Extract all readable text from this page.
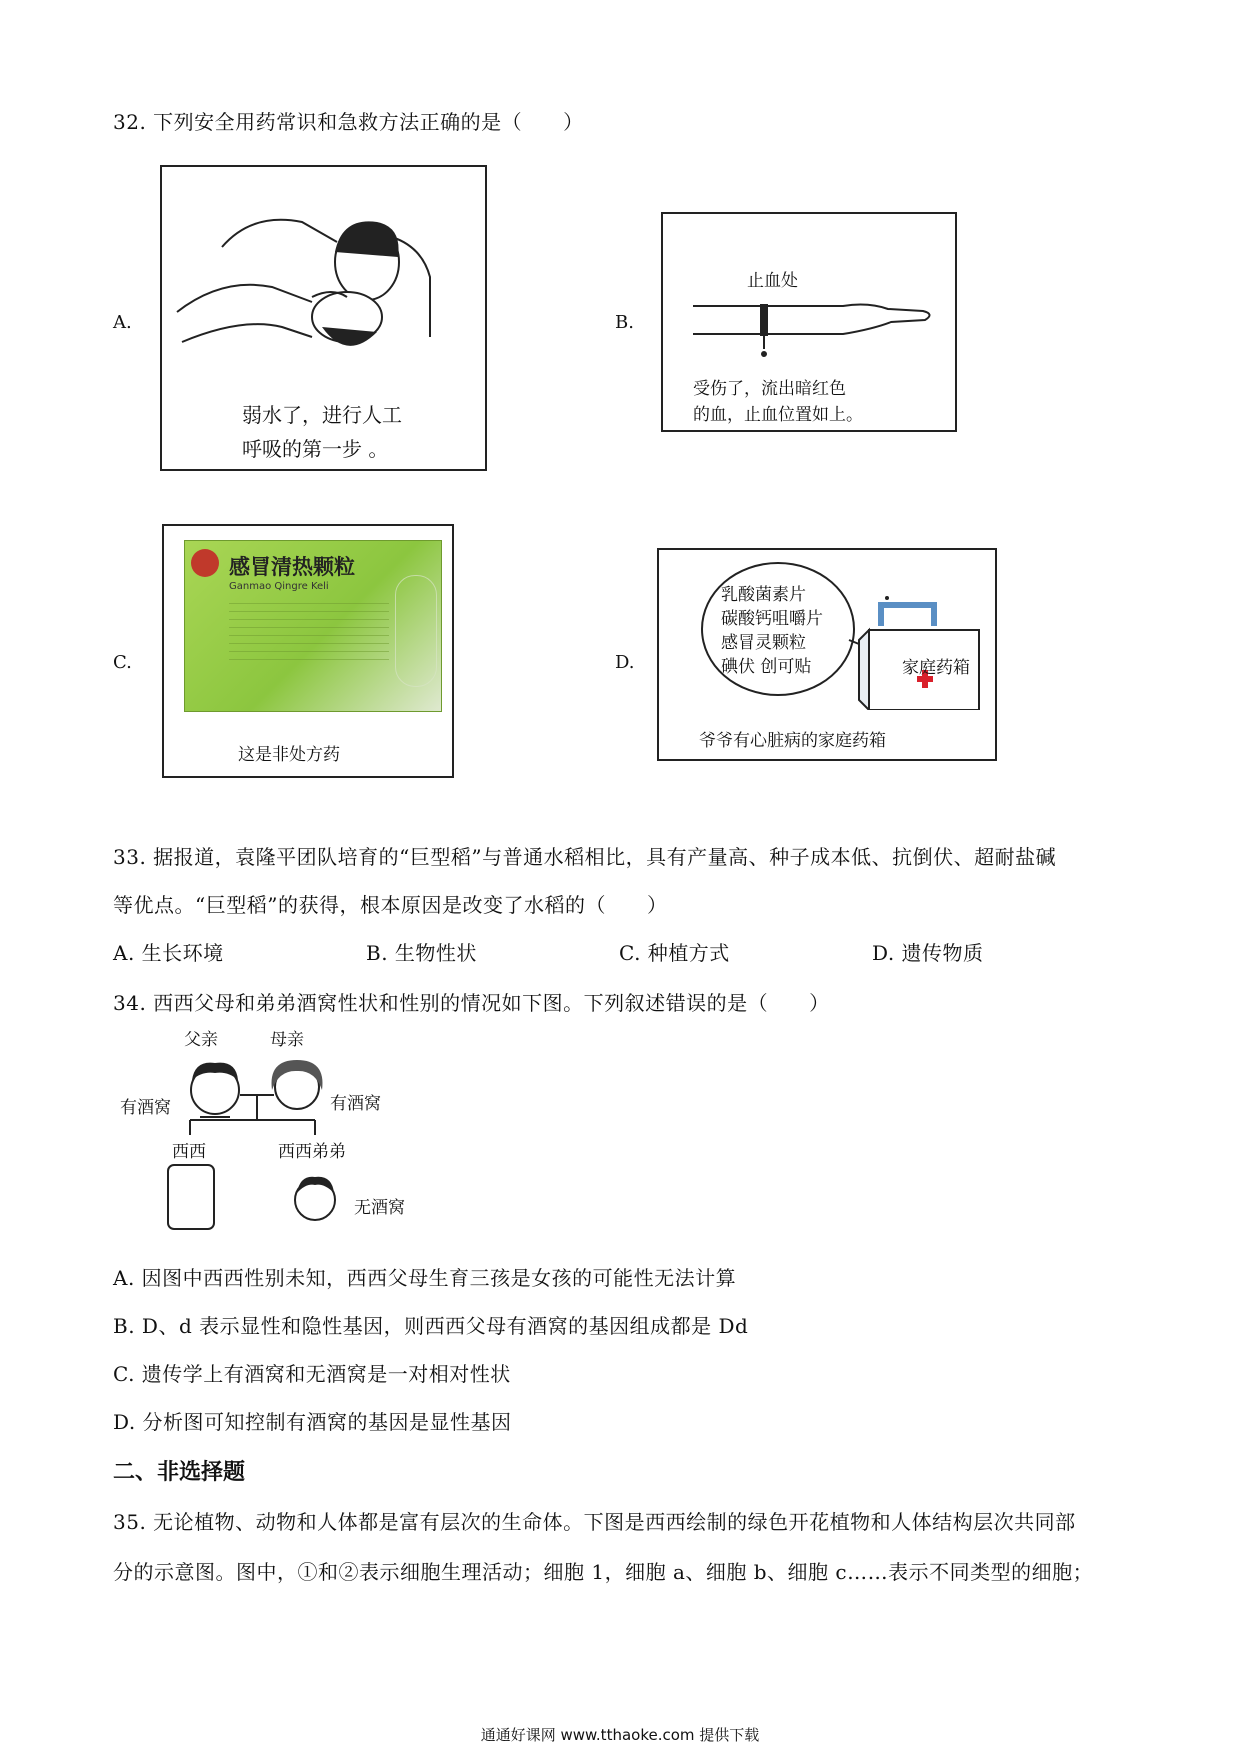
32. 下列安全用药常识和急救方法正确的是（　　）
A.
弱水了，进行人工
呼吸的第一步 。
B.
止血处
受伤了，流出暗红色
的血，止血位置如上。
C.
感冒清热颗粒
Ganmao Qingre Keli
这是非处方药
D.
乳酸菌素片
碳酸钙咀嚼片
感冒灵颗粒
碘伏 创可贴	家庭药箱
爷爷有心脏病的家庭药箱
33. 据报道，袁隆平团队培育的“巨型稻”与普通水稻相比，具有产量高、种子成本低、抗倒伏、超耐盐碱
等优点。“巨型稻”的获得，根本原因是改变了水稻的（　　）
A. 生长环境	B. 生物性状	C. 种植方式	D. 遗传物质
34. 西西父母和弟弟酒窝性状和性别的情况如下图。下列叙述错误的是（　　）
父亲	母亲
有酒窝	有酒窝
西西	西西弟弟
无酒窝
A. 因图中西西性别未知，西西父母生育三孩是女孩的可能性无法计算
B. D、d 表示显性和隐性基因，则西西父母有酒窝的基因组成都是 Dd
C. 遗传学上有酒窝和无酒窝是一对相对性状
D. 分析图可知控制有酒窝的基因是显性基因
二、非选择题
35. 无论植物、动物和人体都是富有层次的生命体。下图是西西绘制的绿色开花植物和人体结构层次共同部
分的示意图。图中，①和②表示细胞生理活动；细胞 1，细胞 a、细胞 b、细胞 c……表示不同类型的细胞；
通通好课网 www.tthaoke.com 提供下载
